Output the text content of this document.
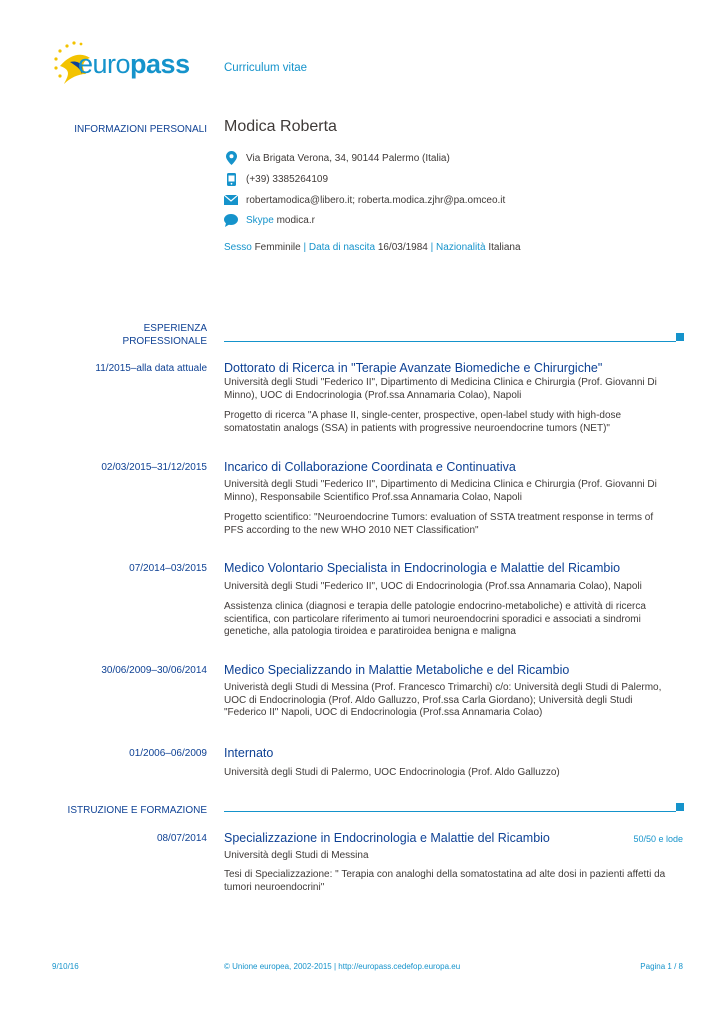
europass	Curriculum vitae
INFORMAZIONI PERSONALI Modica Roberta
Via Brigata Verona, 34, 90144 Palermo (Italia)
(+39) 3385264109
robertamodica@libero.it; roberta.modica.zjhr@pa.omceo.it
Skype
modica.r
Sesso Femminile | Data di nascita 16/03/1984 | Nazionalità Italiana
ESPERIENZA
PROFESSIONALE
11/2015–alla data attuale Dottorato di Ricerca in "Terapie Avanzate Biomediche e Chirurgiche"
Università degli Studi "Federico II", Dipartimento di Medicina Clinica e Chirurgia (Prof. Giovanni Di Minno), UOC di Endocrinologia (Prof.ssa Annamaria Colao), Napoli
Progetto di ricerca "A phase II, single-center, prospective, open-label study with high-dose somatostatin analogs (SSA) in patients with progressive neuroendocrine tumors (NET)"
02/03/2015–31/12/2015 Incarico di Collaborazione Coordinata e Continuativa
Università degli Studi "Federico II", Dipartimento di Medicina Clinica e Chirurgia (Prof. Giovanni Di Minno), Responsabile Scientifico Prof.ssa Annamaria Colao, Napoli
Progetto scientifico: "Neuroendocrine Tumors: evaluation of SSTA treatment response in terms of PFS according to the new WHO 2010 NET Classification"
07/2014–03/2015 Medico Volontario Specialista in Endocrinologia e Malattie del Ricambio
Università degli Studi "Federico II", UOC di Endocrinologia (Prof.ssa Annamaria Colao), Napoli
Assistenza clinica (diagnosi e terapia delle patologie endocrino-metaboliche) e attività di ricerca scientifica, con particolare riferimento ai tumori neuroendocrini sporadici e associati a sindromi genetiche, alla patologia tiroidea e paratiroidea benigna e maligna
30/06/2009–30/06/2014 Medico Specializzando in Malattie Metaboliche e del Ricambio
Univeristà degli Studi di Messina (Prof. Francesco Trimarchi) c/o: Università degli Studi di Palermo, UOC di Endocrinologia (Prof. Aldo Galluzzo, Prof.ssa Carla Giordano); Università degli Studi "Federico II" Napoli, UOC di Endocrinologia (Prof.ssa Annamaria Colao)
01/2006–06/2009 Internato
Università degli Studi di Palermo, UOC Endocrinologia (Prof. Aldo Galluzzo)
ISTRUZIONE E FORMAZIONE
08/07/2014 Specializzazione in Endocrinologia e Malattie del Ricambio	50/50 e lode
Università degli Studi di Messina
Tesi di Specializzazione: " Terapia con analoghi della somatostatina ad alte dosi in pazienti affetti da tumori neuroendocrini"
9/10/16	© Unione europea, 2002-2015 | http://europass.cedefop.europa.eu	Pagina 1 / 8
